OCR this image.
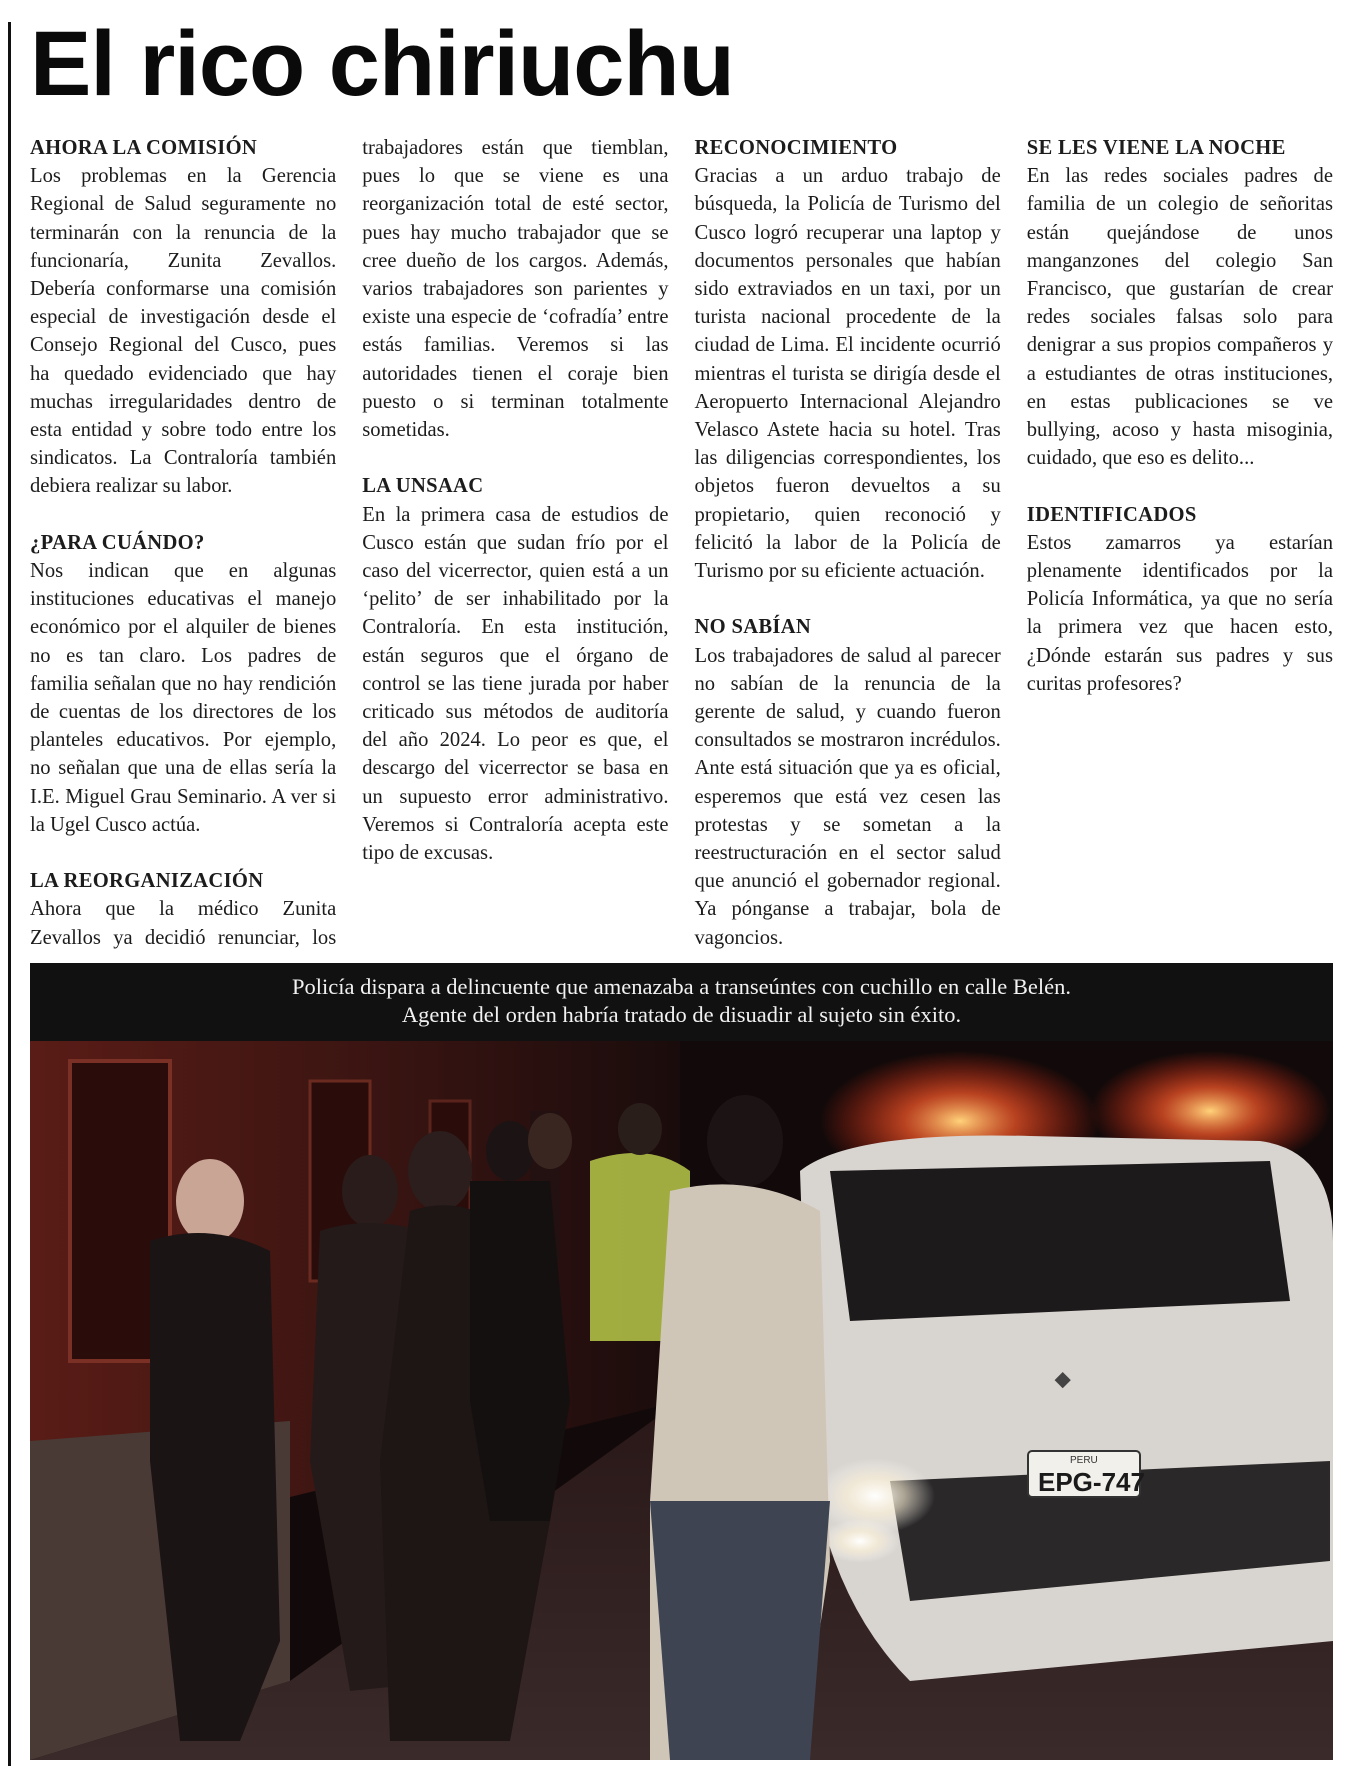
El rico chiriuchu
AHORA LA COMISIÓN

Los problemas en la Gerencia Regional de Salud seguramente no terminarán con la renuncia de la funcionaría, Zunita Zevallos. Debería conformarse una comisión especial de investigación desde el Consejo Regional del Cusco, pues ha quedado evidenciado que hay muchas irregularidades dentro de esta entidad y sobre todo entre los sindicatos. La Contraloría también debiera realizar su labor.

¿PARA CUÁNDO?

Nos indican que en algunas instituciones educativas el manejo económico por el alquiler de bienes no es tan claro. Los padres de familia señalan que no hay rendición de cuentas de los directores de los planteles educativos. Por ejemplo, no señalan que una de ellas sería la I.E. Miguel Grau Seminario. A ver si la Ugel Cusco actúa.

LA REORGANIZACIÓN

Ahora que la médico Zunita Zevallos ya decidió renunciar, los trabajadores están que tiemblan, pues lo que se viene es una reorganización total de esté sector, pues hay mucho trabajador que se cree dueño de los cargos. Además, varios trabajadores son parientes y existe una especie de ‘cofradía’ entre estás familias. Veremos si las autoridades tienen el coraje bien puesto o si terminan totalmente sometidas.

LA UNSAAC

En la primera casa de estudios de Cusco están que sudan frío por el caso del vicerrector, quien está a un ‘pelito’ de ser inhabilitado por la Contraloría. En esta institución, están seguros que el órgano de control se las tiene jurada por haber criticado sus métodos de auditoría del año 2024. Lo peor es que, el descargo del vicerrector se basa en un supuesto error administrativo. Veremos si Contraloría acepta este tipo de excusas.

RECONOCIMIENTO

Gracias a un arduo trabajo de búsqueda, la Policía de Turismo del Cusco logró recuperar una laptop y documentos personales que habían sido extraviados en un taxi, por un turista nacional procedente de la ciudad de Lima. El incidente ocurrió mientras el turista se dirigía desde el Aeropuerto Internacional Alejandro Velasco Astete hacia su hotel. Tras las diligencias correspondientes, los objetos fueron devueltos a su propietario, quien reconoció y felicitó la labor de la Policía de Turismo por su eficiente actuación.

NO SABÍAN

Los trabajadores de salud al parecer no sabían de la renuncia de la gerente de salud, y cuando fueron consultados se mostraron incrédulos. Ante está situación que ya es oficial, esperemos que está vez cesen las protestas y se sometan a la reestructuración en el sector salud que anunció el gobernador regional. Ya pónganse a trabajar, bola de vagoncios.

SE LES VIENE LA NOCHE

En las redes sociales padres de familia de un colegio de señoritas están quejándose de unos manganzones del colegio San Francisco, que gustarían de crear redes sociales falsas solo para denigrar a sus propios compañeros y a estudiantes de otras instituciones, en estas publicaciones se ve bullying, acoso y hasta misoginia, cuidado, que eso es delito...

IDENTIFICADOS

Estos zamarros ya estarían plenamente identificados por la Policía Informática, ya que no sería la primera vez que hacen esto, ¿Dónde estarán sus padres y sus curitas profesores?

Policía dispara a delincuente que amenazaba a transeúntes con cuchillo en calle Belén.
Agente del orden habría tratado de disuadir al sujeto sin éxito.
⬥
PERU
EPG-747
